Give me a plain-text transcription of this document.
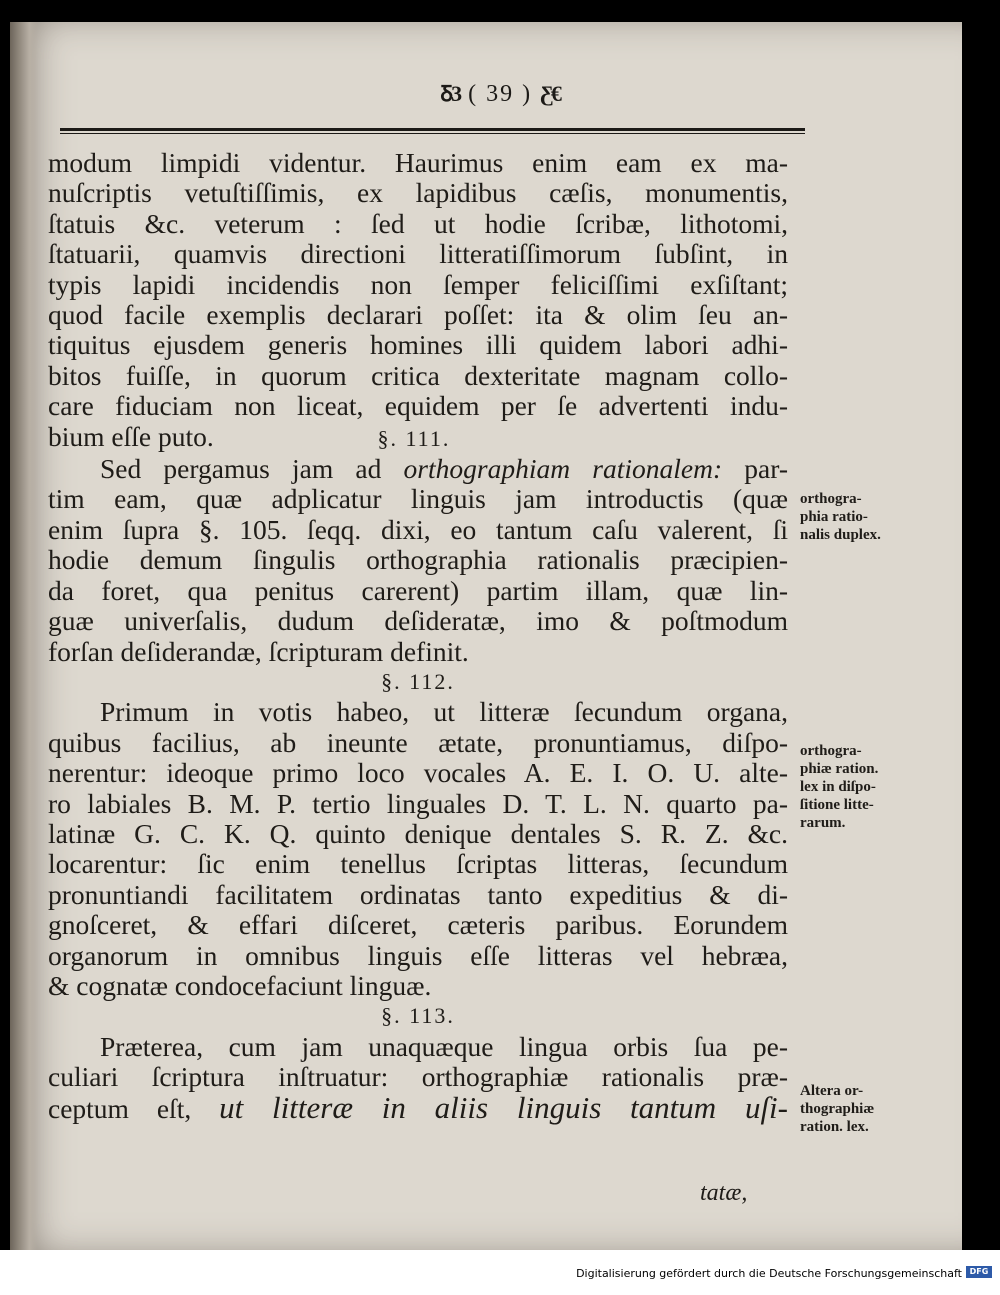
Ᵹ3 ( 39 ) Ƹ€
modum limpidi videntur. Haurimus enim eam ex ma-
nuſcriptis vetuſtiſſimis, ex lapidibus cæſis, monumentis,
ſtatuis &c. veterum : ſed ut hodie ſcribæ, lithotomi,
ſtatuarii, quamvis directioni litteratiſſimorum ſubſint, in
typis lapidi incidendis non ſemper feliciſſimi exſiſtant;
quod facile exemplis declarari poſſet: ita & olim ſeu an-
tiquitus ejusdem generis homines illi quidem labori adhi-
bitos fuiſſe, in quorum critica dexteritate magnam collo-
care fiduciam non liceat, equidem per ſe advertenti indu-
bium eſſe puto.	§. 111.
Sed pergamus jam ad orthographiam rationalem: par-
tim eam, quæ adplicatur linguis jam introductis (quæ
enim ſupra §. 105. ſeqq. dixi, eo tantum caſu valerent, ſi
hodie demum ſingulis orthographia rationalis præcipien-
da foret, qua penitus carerent) partim illam, quæ lin-
guæ univerſalis, dudum deſideratæ, imo & poſtmodum
forſan deſiderandæ, ſcripturam definit.
§. 112.
Primum in votis habeo, ut litteræ ſecundum organa,
quibus facilius, ab ineunte ætate, pronuntiamus, diſpo-
nerentur: ideoque primo loco vocales A. E. I. O. U. alte-
ro labiales B. M. P. tertio linguales D. T. L. N. quarto pa-
latinæ G. C. K. Q. quinto denique dentales S. R. Z. &c.
locarentur: ſic enim tenellus ſcriptas litteras, ſecundum
pronuntiandi facilitatem ordinatas tanto expeditius & di-
gnoſceret, & effari diſceret, cæteris paribus. Eorundem
organorum in omnibus linguis eſſe litteras vel hebræa,
& cognatæ condocefaciunt linguæ.
§. 113.
Præterea, cum jam unaquæque lingua orbis ſua pe-
culiari ſcriptura inſtruatur: orthographiæ rationalis præ-
ceptum eſt, ut litteræ in aliis linguis tantum uſi-
orthogra-
phia ratio-
nalis duplex.
orthogra-
phiæ ration.
lex in diſpo-
ſitione litte-
rarum.
Altera or-
thographiæ
ration. lex.
tatæ,
Digitalisierung gefördert durch die Deutsche Forschungsgemeinschaft DFG
